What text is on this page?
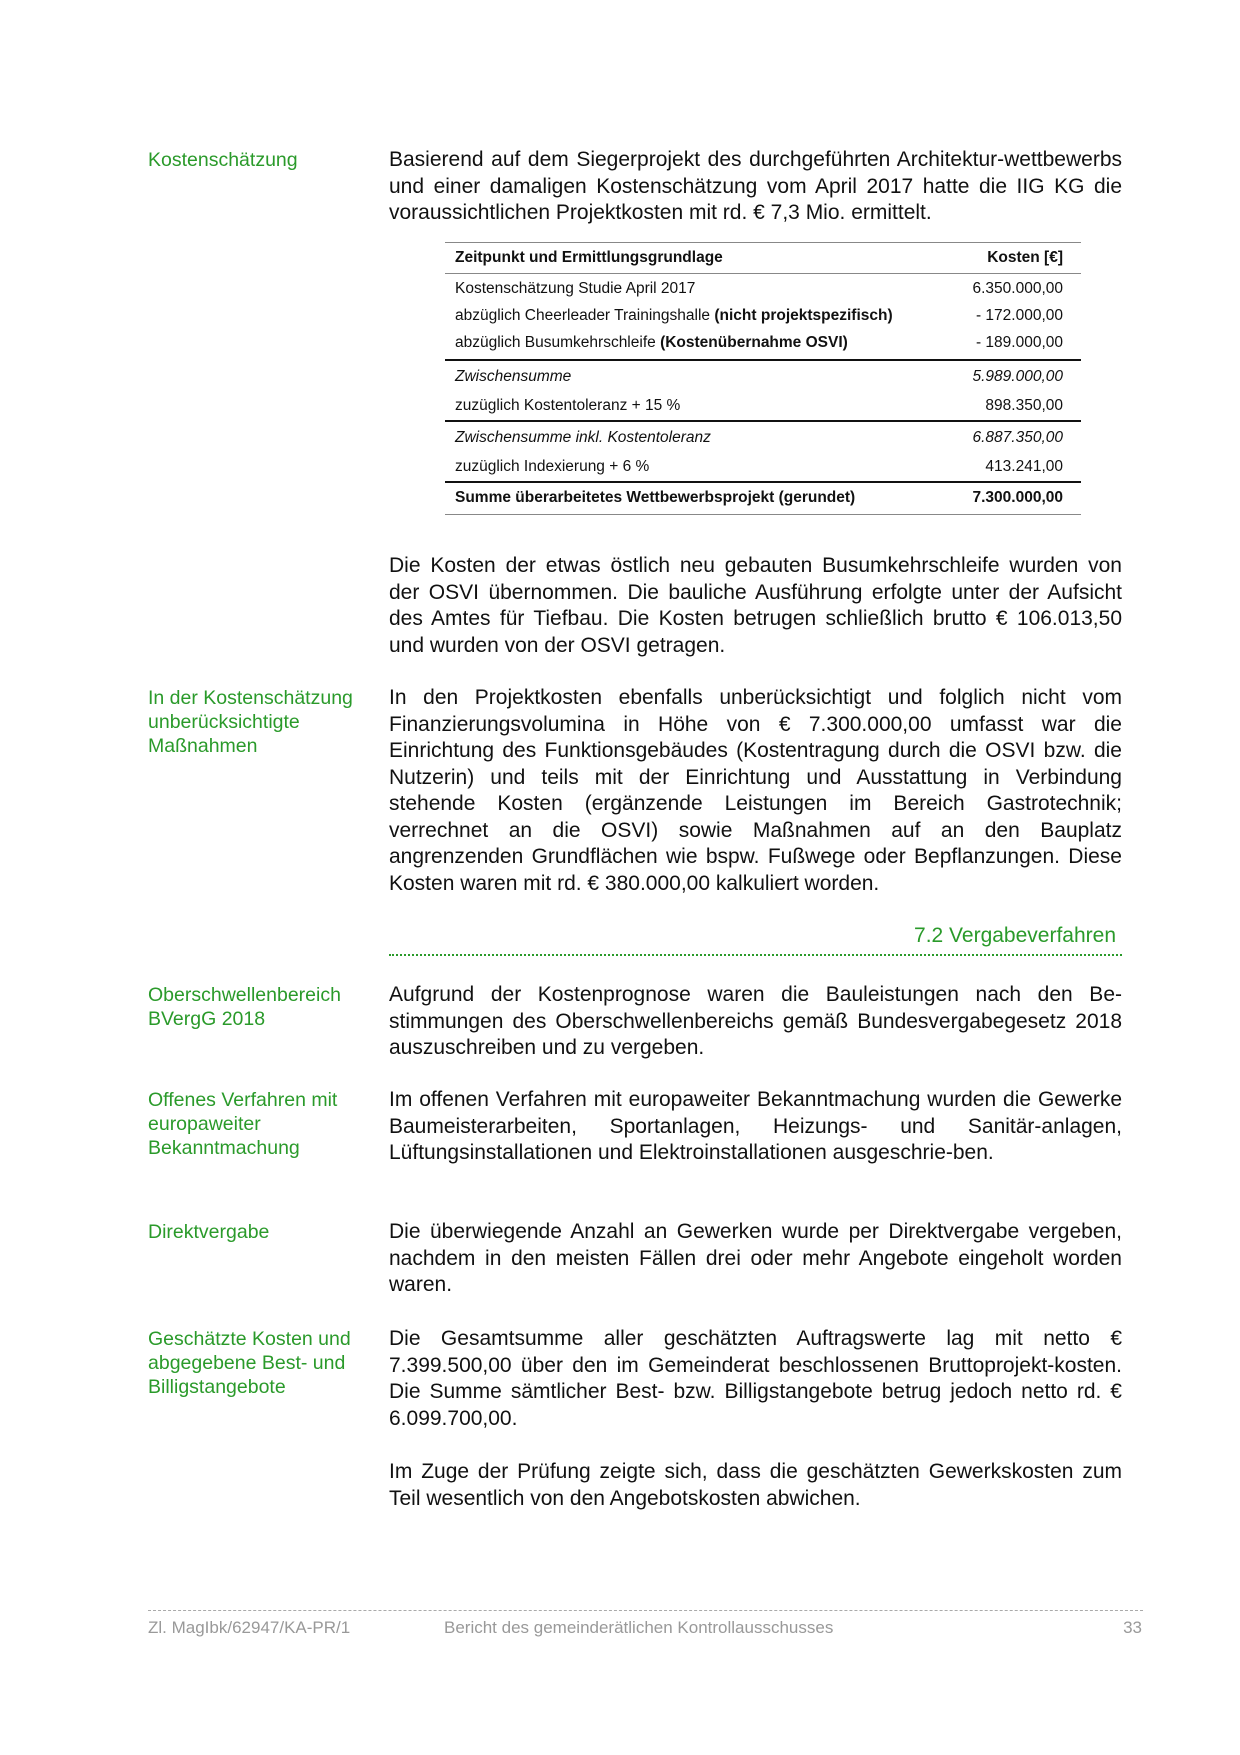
Kostenschätzung	Basierend auf dem Siegerprojekt des durchgeführten Architektur-wettbewerbs und einer damaligen Kostenschätzung vom April 2017 hatte die IIG KG die voraussichtlichen Projektkosten mit rd. € 7,3 Mio. ermittelt.
Zeitpunkt und Ermittlungsgrundlage	Kosten [€]
Kostenschätzung Studie April 2017	6.350.000,00
abzüglich Cheerleader Trainingshalle (nicht projektspezifisch)	- 172.000,00
abzüglich Busumkehrschleife (Kostenübernahme OSVI)	- 189.000,00
Zwischensumme	5.989.000,00
zuzüglich Kostentoleranz + 15 %	898.350,00
Zwischensumme inkl. Kostentoleranz	6.887.350,00
zuzüglich Indexierung + 6 %	413.241,00
Summe überarbeitetes Wettbewerbsprojekt (gerundet)	7.300.000,00
Die Kosten der etwas östlich neu gebauten Busumkehrschleife wurden von der OSVI übernommen. Die bauliche Ausführung erfolgte unter der Aufsicht des Amtes für Tiefbau. Die Kosten betrugen schließlich brutto € 106.013,50 und wurden von der OSVI getragen.
In der Kostenschätzung unberücksichtigte Maßnahmen
In den Projektkosten ebenfalls unberücksichtigt und folglich nicht vom Finanzierungsvolumina in Höhe von € 7.300.000,00 umfasst war die Einrichtung des Funktionsgebäudes (Kostentragung durch die OSVI bzw. die Nutzerin) und teils mit der Einrichtung und Ausstattung in Verbindung stehende Kosten (ergänzende Leistungen im Bereich Gastrotechnik; verrechnet an die OSVI) sowie Maßnahmen auf an den Bauplatz angrenzenden Grundflächen wie bspw. Fußwege oder Bepflanzungen. Diese Kosten waren mit rd. € 380.000,00 kalkuliert worden.
7.2 Vergabeverfahren
Oberschwellenbereich BVergG 2018
Aufgrund der Kostenprognose waren die Bauleistungen nach den Be-stimmungen des Oberschwellenbereichs gemäß Bundesvergabegesetz 2018 auszuschreiben und zu vergeben.
Offenes Verfahren mit europaweiter Bekanntmachung
Im offenen Verfahren mit europaweiter Bekanntmachung wurden die Gewerke Baumeisterarbeiten, Sportanlagen, Heizungs- und Sanitär-anlagen, Lüftungsinstallationen und Elektroinstallationen ausgeschrie-ben.
Direktvergabe	Die überwiegende Anzahl an Gewerken wurde per Direktvergabe vergeben, nachdem in den meisten Fällen drei oder mehr Angebote eingeholt worden waren.
Geschätzte Kosten und abgegebene Best- und Billigstangebote
Die Gesamtsumme aller geschätzten Auftragswerte lag mit netto € 7.399.500,00 über den im Gemeinderat beschlossenen Bruttoprojekt-kosten. Die Summe sämtlicher Best- bzw. Billigstangebote betrug jedoch netto rd. € 6.099.700,00.
Im Zuge der Prüfung zeigte sich, dass die geschätzten Gewerkskosten zum Teil wesentlich von den Angebotskosten abwichen.
Zl. MagIbk/62947/KA-PR/1	Bericht des gemeinderätlichen Kontrollausschusses	33
